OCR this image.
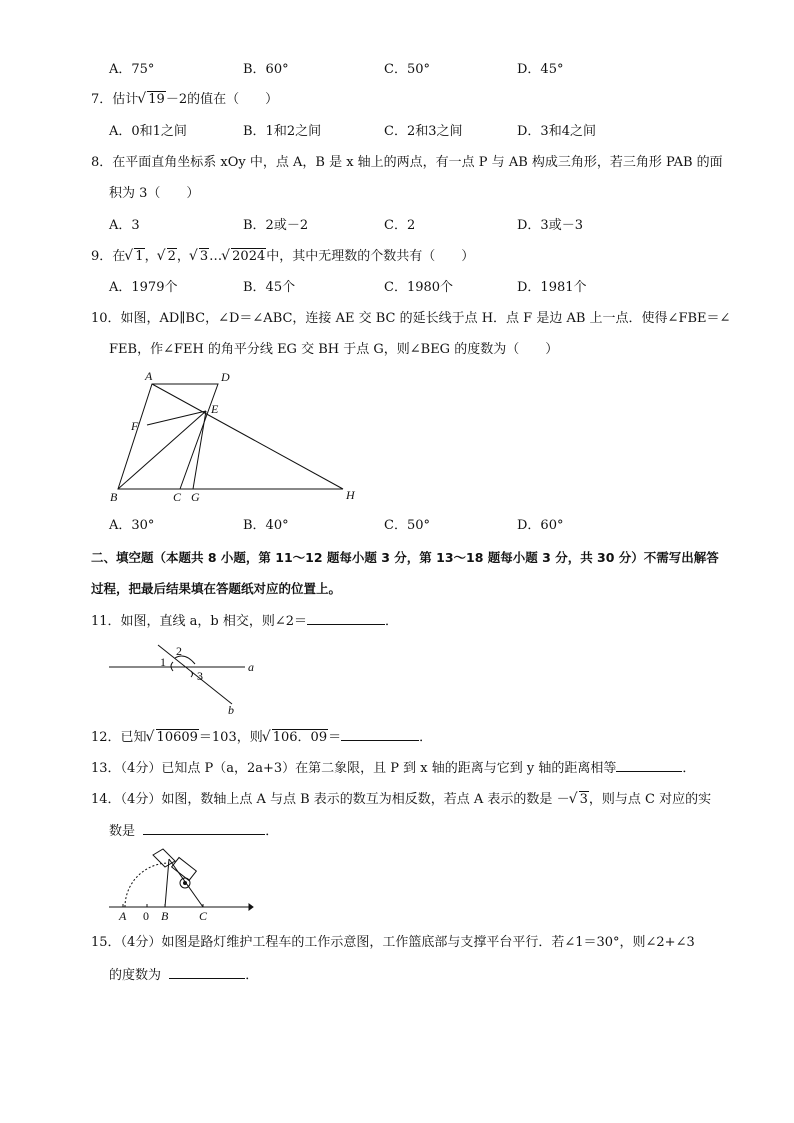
A．75°	B．60°	C．50°	D．45°
7．估计 √ 19－2的值在（　　）
A．0和1之间	B．1和2之间	C．2和3之间	D．3和4之间
8．在平面直角坐标系 xOy 中，点 A，B 是 x 轴上的两点，有一点 P 与 AB 构成三角形，若三角形 PAB 的面
积为 3（　　）
A．3	B．2或－2	C．2	D．3或－3
9．在 √ 1， √ 2， √ 3… √ 2024中，其中无理数的个数共有（　　）
A．1979个	B．45个	C．1980个	D．1981个
10．如图，AD∥BC，∠D＝∠ABC，连接 AE 交 BC 的延长线于点 H．点 F 是边 AB 上一点．使得∠FBE＝∠
FEB，作∠FEH 的角平分线 EG 交 BH 于点 G，则∠BEG 的度数为（　　）
A	D
E
F
B	C G	H
A．30°	B．40°	C．50°	D．60°
二、填空题（本题共 8 小题，第 11～12 题每小题 3 分，第 13～18 题每小题 3 分，共 30 分）不需写出解答
过程，把最后结果填在答题纸对应的位置上。
11．如图，直线 a，b 相交，则∠2＝	．
1
2
3
a
b
12．已知 √ 10609＝103，则 √ 106．09＝	．
13．（4分）已知点 P（a，2a+3）在第二象限，且 P 到 x 轴的距离与它到 y 轴的距离相等	．
14．（4分）如图，数轴上点 A 与点 B 表示的数互为相反数，若点 A 表示的数是 － √ 3，则与点 C 对应的实
数是	．
A 0 B	C
15．（4分）如图是路灯维护工程车的工作示意图，工作篮底部与支撑平台平行．若∠1＝30°，则∠2+∠3
的度数为	．
